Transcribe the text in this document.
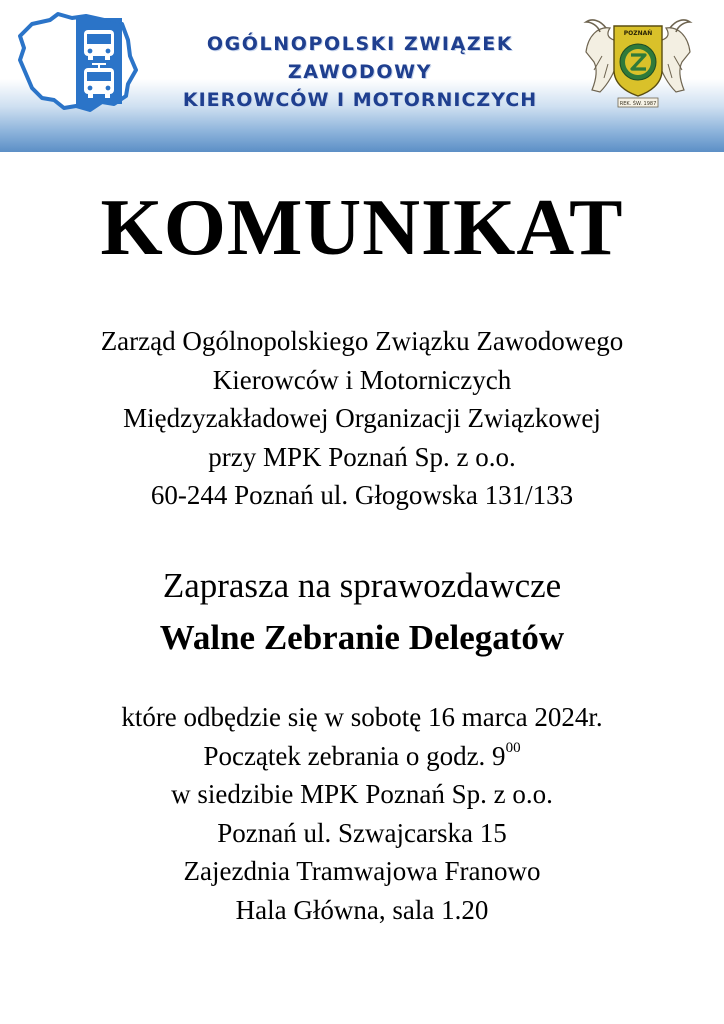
OGÓLNOPOLSKI ZWIĄZEK ZAWODOWY
KIEROWCÓW I MOTORNICZYCH
POZNAŃ
REK. ŚW. 1987
KOMUNIKAT
Zarząd Ogólnopolskiego Związku Zawodowego
Kierowców i Motorniczych
Międzyzakładowej Organizacji Związkowej
przy MPK Poznań Sp. z o.o.
60-244 Poznań ul. Głogowska 131/133
Zaprasza na sprawozdawcze
Walne Zebranie Delegatów
które odbędzie się w sobotę 16 marca 2024r.
Początek zebrania o godz. $9^{00}$
w siedzibie MPK Poznań Sp. z o.o.
Poznań ul. Szwajcarska 15
Zajezdnia Tramwajowa Franowo
Hala Główna, sala 1.20
